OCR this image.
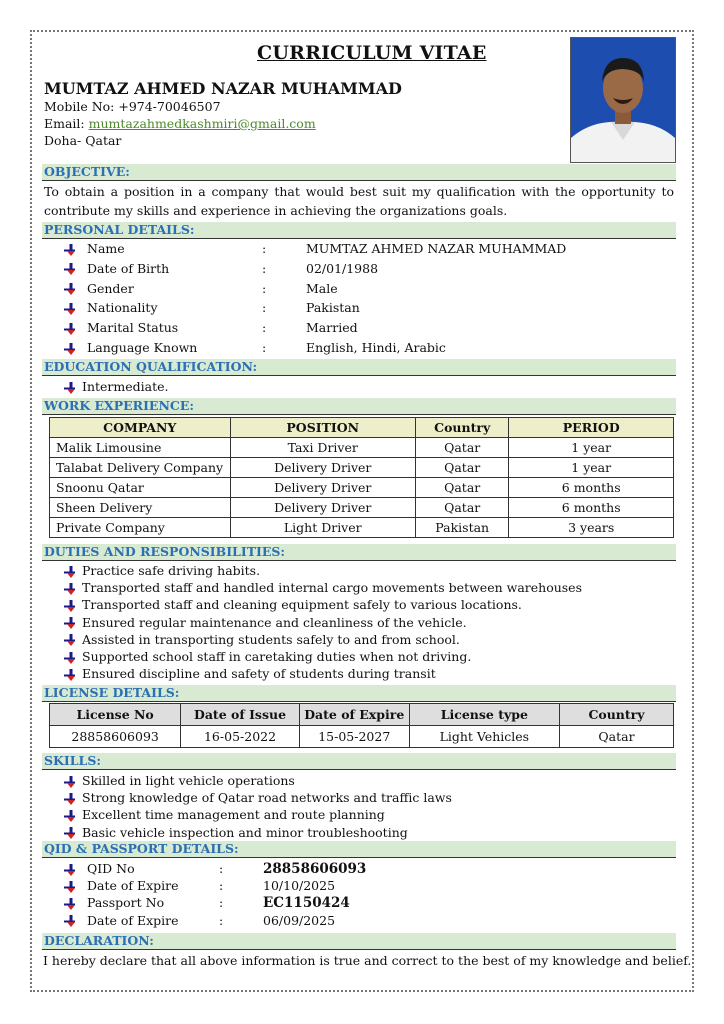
CURRICULUM VITAE
MUMTAZ AHMED NAZAR MUHAMMAD
Mobile No: +974-70046507
Email: mumtazahmedkashmiri@gmail.com
Doha- Qatar
OBJECTIVE:
To obtain a position in a company that would best suit my qualification with the opportunity to contribute my skills and experience in achieving the organizations goals.
PERSONAL DETAILS:
Name	:	MUMTAZ AHMED NAZAR MUHAMMAD
Date of Birth	:	02/01/1988
Gender	:	Male
Nationality	:	Pakistan
Marital Status	:	Married
Language Known	:	English, Hindi, Arabic
EDUCATION QUALIFICATION:
Intermediate.
WORK EXPERIENCE:
COMPANY	POSITION	Country	PERIOD
Malik Limousine	Taxi Driver	Qatar	1 year
Talabat Delivery Company	Delivery Driver	Qatar	1 year
Snoonu Qatar	Delivery Driver	Qatar	6 months
Sheen Delivery	Delivery Driver	Qatar	6 months
Private Company	Light Driver	Pakistan	3 years
DUTIES AND RESPONSIBILITIES:
Practice safe driving habits.
Transported staff and handled internal cargo movements between warehouses
Transported staff and cleaning equipment safely to various locations.
Ensured regular maintenance and cleanliness of the vehicle.
Assisted in transporting students safely to and from school.
Supported school staff in caretaking duties when not driving.
Ensured discipline and safety of students during transit
LICENSE DETAILS:
License No	Date of Issue	Date of Expire	License type	Country
28858606093	16-05-2022	15-05-2027	Light Vehicles	Qatar
SKILLS:
Skilled in light vehicle operations
Strong knowledge of Qatar road networks and traffic laws
Excellent time management and route planning
Basic vehicle inspection and minor troubleshooting
QID & PASSPORT DETAILS:
QID No	:	28858606093
Date of Expire	:	10/10/2025
Passport No	:	EC1150424
Date of Expire	:	06/09/2025
DECLARATION:
I hereby declare that all above information is true and correct to the best of my knowledge and belief.
